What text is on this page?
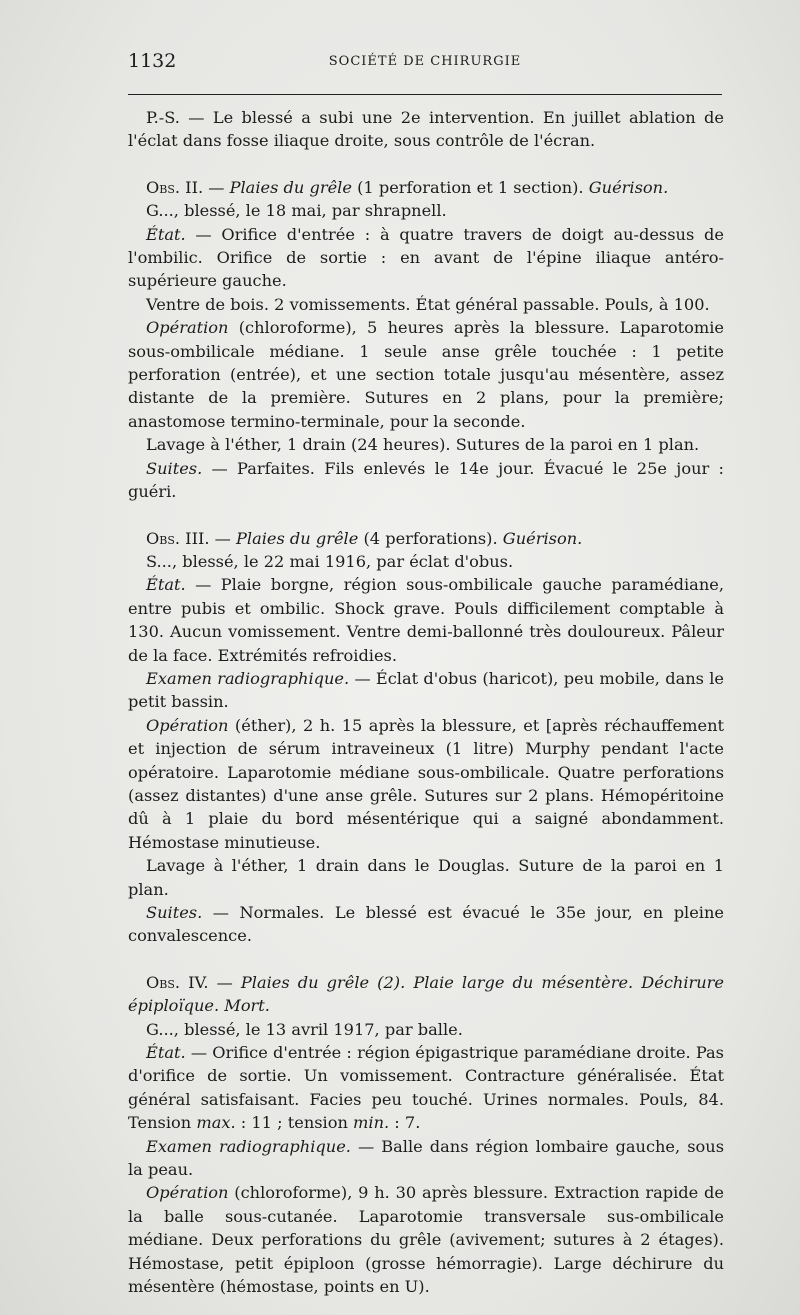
1132	SOCIÉTÉ DE CHIRURGIE

P.-S. — Le blessé a subi une 2e intervention. En juillet ablation de l'éclat dans fosse iliaque droite, sous contrôle de l'écran.

Obs. II. — Plaies du grêle (1 perforation et 1 section). Guérison.

G..., blessé, le 18 mai, par shrapnell.

État. — Orifice d'entrée : à quatre travers de doigt au-dessus de l'ombilic. Orifice de sortie : en avant de l'épine iliaque antéro-supérieure gauche.

Ventre de bois. 2 vomissements. État général passable. Pouls, à 100.

Opération (chloroforme), 5 heures après la blessure. Laparotomie sous-ombilicale médiane. 1 seule anse grêle touchée : 1 petite perforation (entrée), et une section totale jusqu'au mésentère, assez distante de la première. Sutures en 2 plans, pour la première; anastomose termino-terminale, pour la seconde.

Lavage à l'éther, 1 drain (24 heures). Sutures de la paroi en 1 plan.

Suites. — Parfaites. Fils enlevés le 14e jour. Évacué le 25e jour : guéri.

Obs. III. — Plaies du grêle (4 perforations). Guérison.

S..., blessé, le 22 mai 1916, par éclat d'obus.

État. — Plaie borgne, région sous-ombilicale gauche paramédiane, entre pubis et ombilic. Shock grave. Pouls difficilement comptable à 130. Aucun vomissement. Ventre demi-ballonné très douloureux. Pâleur de la face. Extrémités refroidies.

Examen radiographique. — Éclat d'obus (haricot), peu mobile, dans le petit bassin.

Opération (éther), 2 h. 15 après la blessure, et [après réchauffement et injection de sérum intraveineux (1 litre) Murphy pendant l'acte opératoire. Laparotomie médiane sous-ombilicale. Quatre perforations (assez distantes) d'une anse grêle. Sutures sur 2 plans. Hémopéritoine dû à 1 plaie du bord mésentérique qui a saigné abondamment. Hémostase minutieuse.

Lavage à l'éther, 1 drain dans le Douglas. Suture de la paroi en 1 plan.

Suites. — Normales. Le blessé est évacué le 35e jour, en pleine convalescence.

Obs. IV. — Plaies du grêle (2). Plaie large du mésentère. Déchirure épiploïque. Mort.

G..., blessé, le 13 avril 1917, par balle.

État. — Orifice d'entrée : région épigastrique paramédiane droite. Pas d'orifice de sortie. Un vomissement. Contracture généralisée. État général satisfaisant. Facies peu touché. Urines normales. Pouls, 84. Tension max. : 11 ; tension min. : 7.

Examen radiographique. — Balle dans région lombaire gauche, sous la peau.

Opération (chloroforme), 9 h. 30 après blessure. Extraction rapide de la balle sous-cutanée. Laparotomie transversale sus-ombilicale médiane. Deux perforations du grêle (avivement; sutures à 2 étages). Hémostase, petit épiploon (grosse hémorragie). Large déchirure du mésentère (hémostase, points en U).
